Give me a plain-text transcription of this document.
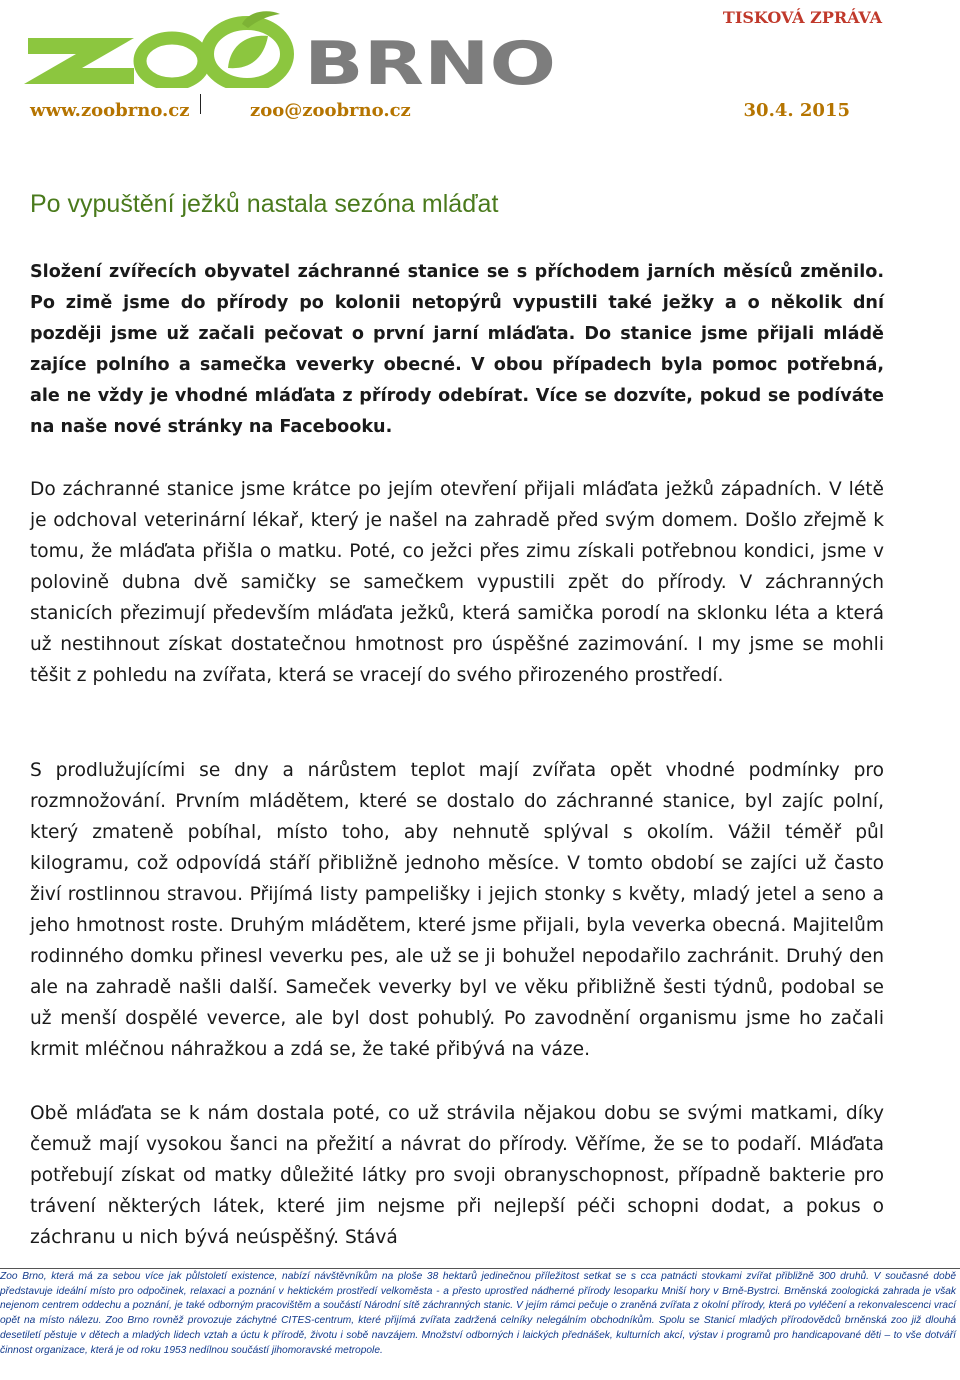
TISKOVÁ ZPRÁVA
BRNO
www.zoobrno.cz	zoo@zoobrno.cz	30.4. 2015
Po vypuštění ježků nastala sezóna mláďat

Složení zvířecích obyvatel záchranné stanice se s příchodem jarních měsíců změnilo. Po zimě jsme do přírody po kolonii netopýrů vypustili také ježky a o několik dní později jsme už začali pečovat o první jarní mláďata. Do stanice jsme přijali mládě zajíce polního a samečka veverky obecné. V obou případech byla pomoc potřebná, ale ne vždy je vhodné mláďata z přírody odebírat. Více se dozvíte, pokud se podíváte na naše nové stránky na Facebooku.

Do záchranné stanice jsme krátce po jejím otevření přijali mláďata ježků západních. V létě je odchoval veterinární lékař, který je našel na zahradě před svým domem. Došlo zřejmě k tomu, že mláďata přišla o matku. Poté, co ježci přes zimu získali potřebnou kondici, jsme v polovině dubna dvě samičky se samečkem vypustili zpět do přírody. V záchranných stanicích přezimují především mláďata ježků, která samička porodí na sklonku léta a která už nestihnout získat dostatečnou hmotnost pro úspěšné zazimování. I my jsme se mohli těšit z pohledu na zvířata, která se vracejí do svého přirozeného prostředí.

S prodlužujícími se dny a nárůstem teplot mají zvířata opět vhodné podmínky pro rozmnožování. Prvním mládětem, které se dostalo do záchranné stanice, byl zajíc polní, který zmateně pobíhal, místo toho, aby nehnutě splýval s okolím. Vážil téměř půl kilogramu, což odpovídá stáří přibližně jednoho měsíce. V tomto období se zajíci už často živí rostlinnou stravou. Přijímá listy pampelišky i jejich stonky s květy, mladý jetel a seno a jeho hmotnost roste. Druhým mládětem, které jsme přijali, byla veverka obecná. Majitelům rodinného domku přinesl veverku pes, ale už se ji bohužel nepodařilo zachránit. Druhý den ale na zahradě našli další. Sameček veverky byl ve věku přibližně šesti týdnů, podobal se už menší dospělé veverce, ale byl dost pohublý. Po zavodnění organismu jsme ho začali krmit mléčnou náhražkou a zdá se, že také přibývá na váze.

Obě mláďata se k nám dostala poté, co už strávila nějakou dobu se svými matkami, díky čemuž mají vysokou šanci na přežití a návrat do přírody. Věříme, že se to podaří. Mláďata potřebují získat od matky důležité látky pro svoji obranyschopnost, případně bakterie pro trávení některých látek, které jim nejsme při nejlepší péči schopni dodat, a pokus o záchranu u nich bývá neúspěšný. Stává

Zoo Brno, která má za sebou více jak půlstoletí existence, nabízí návštěvníkům na ploše 38 hektarů jedinečnou příležitost setkat se s cca patnácti stovkami zvířat přibližně 300 druhů. V současné době představuje ideální místo pro odpočinek, relaxaci a poznání v hektickém prostředí velkoměsta - a přesto uprostřed nádherné přírody lesoparku Mniší hory v Brně-Bystrci. Brněnská zoologická zahrada je však nejenom centrem oddechu a poznání, je také odborným pracovištěm a součástí Národní sítě záchranných stanic. V jejím rámci pečuje o zraněná zvířata z okolní přírody, která po vyléčení a rekonvalescenci vrací opět na místo nálezu. Zoo Brno rovněž provozuje záchytné CITES-centrum, které přijímá zvířata zadržená celníky nelegálním obchodníkům. Spolu se Stanicí mladých přírodovědců brněnská zoo již dlouhá desetiletí pěstuje v dětech a mladých lidech vztah a úctu k přírodě, životu i sobě navzájem. Množství odborných i laických přednášek, kulturních akcí, výstav i programů pro handicapované děti – to vše dotváří činnost organizace, která je od roku 1953 nedílnou součástí jihomoravské metropole.
